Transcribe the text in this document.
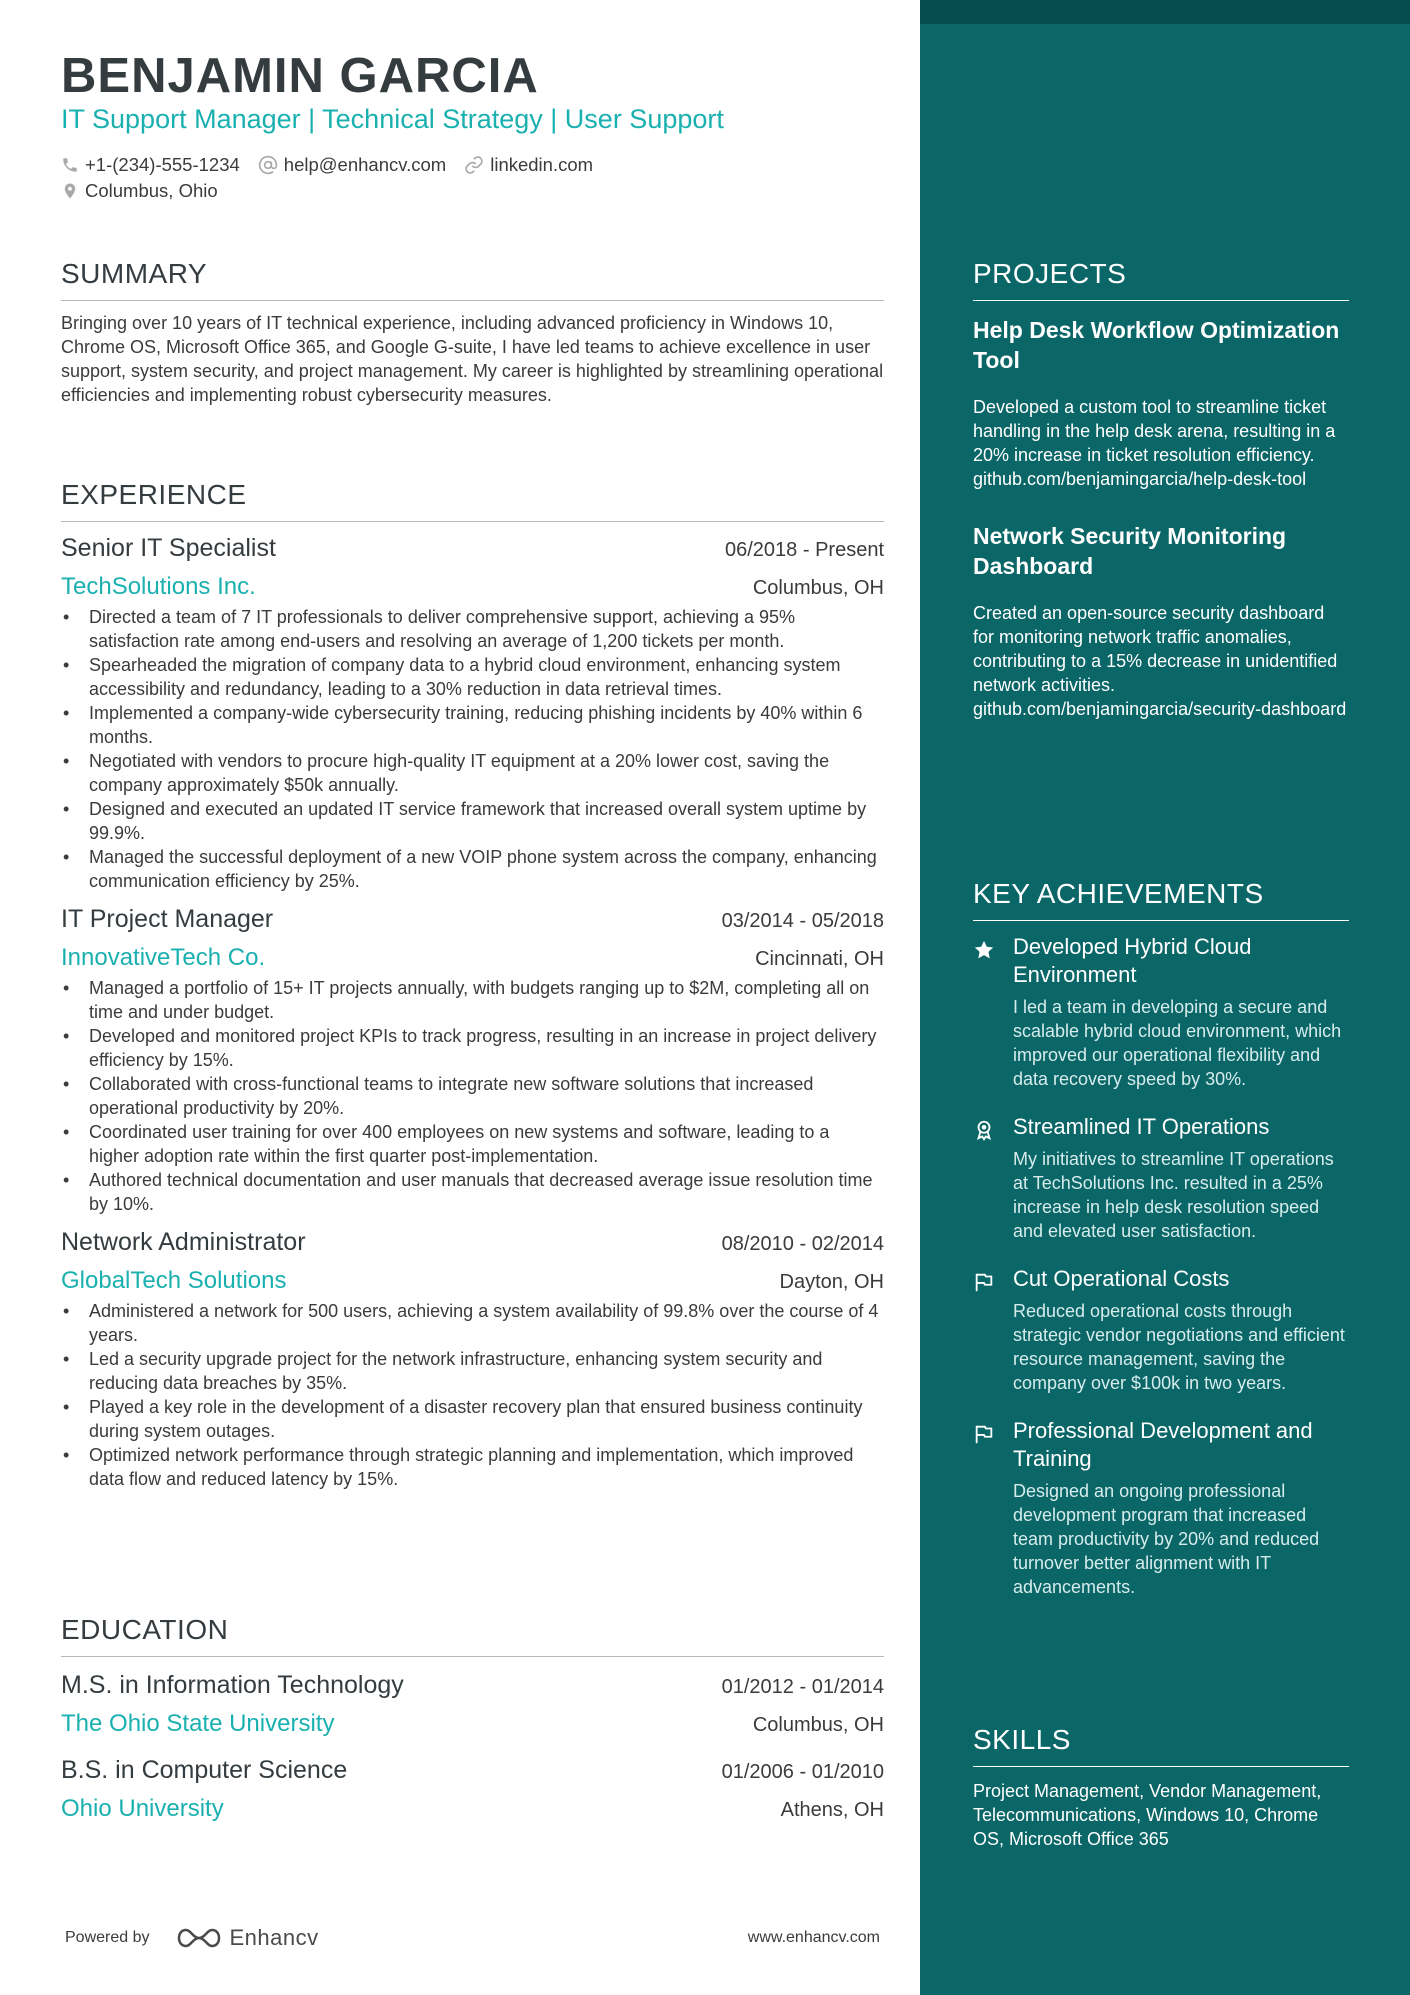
BENJAMIN GARCIA
IT Support Manager | Technical Strategy | User Support
+1-(234)-555-1234 help@enhancv.com linkedin.com
Columbus, Ohio
SUMMARY
Bringing over 10 years of IT technical experience, including advanced proficiency in Windows 10, Chrome OS, Microsoft Office 365, and Google G-suite, I have led teams to achieve excellence in user support, system security, and project management. My career is highlighted by streamlining operational efficiencies and implementing robust cybersecurity measures.
EXPERIENCE
Senior IT Specialist	06/2018 - Present
TechSolutions Inc.	Columbus, OH
• Directed a team of 7 IT professionals to deliver comprehensive support, achieving a 95% satisfaction rate among end-users and resolving an average of 1,200 tickets per month.
• Spearheaded the migration of company data to a hybrid cloud environment, enhancing system accessibility and redundancy, leading to a 30% reduction in data retrieval times.
• Implemented a company-wide cybersecurity training, reducing phishing incidents by 40% within 6 months.
• Negotiated with vendors to procure high-quality IT equipment at a 20% lower cost, saving the company approximately $50k annually.
• Designed and executed an updated IT service framework that increased overall system uptime by 99.9%.
• Managed the successful deployment of a new VOIP phone system across the company, enhancing communication efficiency by 25%.
IT Project Manager	03/2014 - 05/2018
InnovativeTech Co.	Cincinnati, OH
• Managed a portfolio of 15+ IT projects annually, with budgets ranging up to $2M, completing all on time and under budget.
• Developed and monitored project KPIs to track progress, resulting in an increase in project delivery efficiency by 15%.
• Collaborated with cross-functional teams to integrate new software solutions that increased operational productivity by 20%.
• Coordinated user training for over 400 employees on new systems and software, leading to a higher adoption rate within the first quarter post-implementation.
• Authored technical documentation and user manuals that decreased average issue resolution time by 10%.
Network Administrator	08/2010 - 02/2014
GlobalTech Solutions	Dayton, OH
• Administered a network for 500 users, achieving a system availability of 99.8% over the course of 4 years.
• Led a security upgrade project for the network infrastructure, enhancing system security and reducing data breaches by 35%.
• Played a key role in the development of a disaster recovery plan that ensured business continuity during system outages.
• Optimized network performance through strategic planning and implementation, which improved data flow and reduced latency by 15%.
EDUCATION
M.S. in Information Technology	01/2012 - 01/2014
The Ohio State University	Columbus, OH
B.S. in Computer Science	01/2006 - 01/2010
Ohio University	Athens, OH
Powered by	Enhancv	www.enhancv.com
PROJECTS
Help Desk Workflow Optimization Tool
Developed a custom tool to streamline ticket handling in the help desk arena, resulting in a 20% increase in ticket resolution efficiency. github.com/benjamingarcia/help-desk-tool
Network Security Monitoring Dashboard
Created an open-source security dashboard for monitoring network traffic anomalies, contributing to a 15% decrease in unidentified network activities. github.com/benjamingarcia/security-dashboard
KEY ACHIEVEMENTS
Developed Hybrid Cloud Environment
I led a team in developing a secure and scalable hybrid cloud environment, which improved our operational flexibility and data recovery speed by 30%.
Streamlined IT Operations
My initiatives to streamline IT operations at TechSolutions Inc. resulted in a 25% increase in help desk resolution speed and elevated user satisfaction.
Cut Operational Costs
Reduced operational costs through strategic vendor negotiations and efficient resource management, saving the company over $100k in two years.
Professional Development and Training
Designed an ongoing professional development program that increased team productivity by 20% and reduced turnover better alignment with IT advancements.
SKILLS
Project Management, Vendor Management, Telecommunications, Windows 10, Chrome OS, Microsoft Office 365
